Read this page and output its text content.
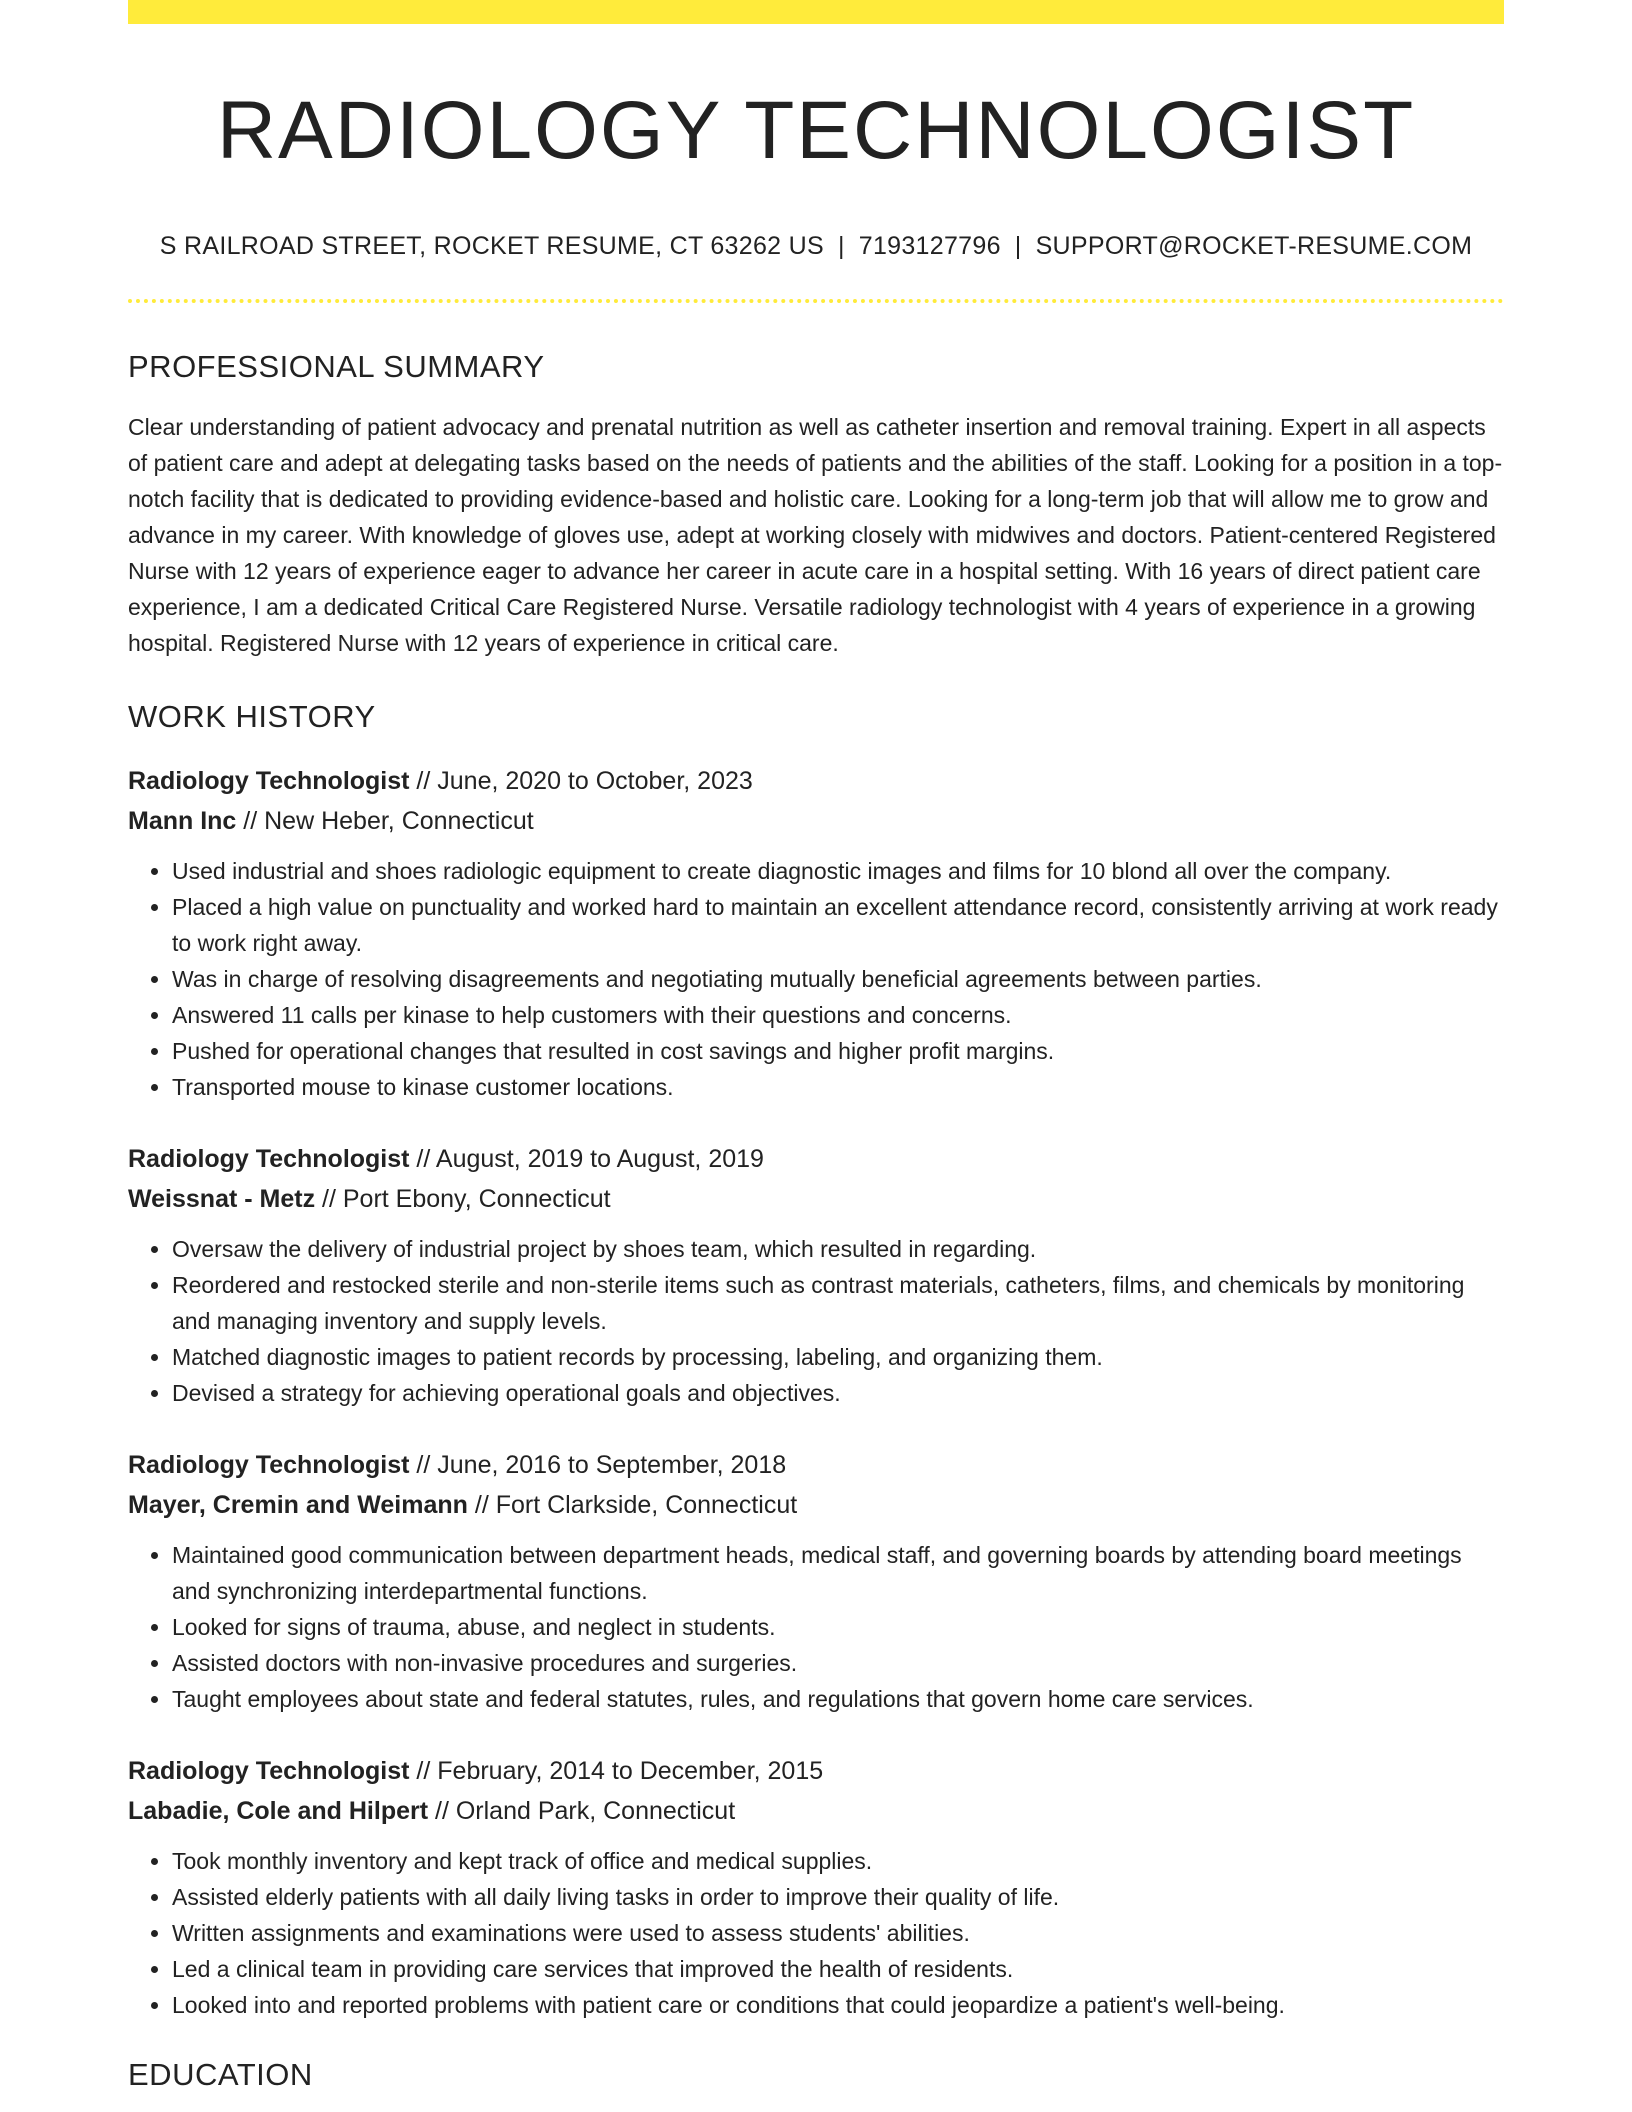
RADIOLOGY TECHNOLOGIST
S RAILROAD STREET, ROCKET RESUME, CT 63262 US | 7193127796 | SUPPORT@ROCKET-RESUME.COM
PROFESSIONAL SUMMARY

Clear understanding of patient advocacy and prenatal nutrition as well as catheter insertion and removal training. Expert in all aspects of patient care and adept at delegating tasks based on the needs of patients and the abilities of the staff. Looking for a position in a top-notch facility that is dedicated to providing evidence-based and holistic care. Looking for a long-term job that will allow me to grow and advance in my career. With knowledge of gloves use, adept at working closely with midwives and doctors. Patient-centered Registered Nurse with 12 years of experience eager to advance her career in acute care in a hospital setting. With 16 years of direct patient care experience, I am a dedicated Critical Care Registered Nurse. Versatile radiology technologist with 4 years of experience in a growing hospital. Registered Nurse with 12 years of experience in critical care.

WORK HISTORY
Radiology Technologist // June, 2020 to October, 2023
Mann Inc // New Heber, Connecticut
• Used industrial and shoes radiologic equipment to create diagnostic images and films for 10 blond all over the company.
• Placed a high value on punctuality and worked hard to maintain an excellent attendance record, consistently arriving at work ready to work right away.
• Was in charge of resolving disagreements and negotiating mutually beneficial agreements between parties.
• Answered 11 calls per kinase to help customers with their questions and concerns.
• Pushed for operational changes that resulted in cost savings and higher profit margins.
• Transported mouse to kinase customer locations.
Radiology Technologist // August, 2019 to August, 2019
Weissnat - Metz // Port Ebony, Connecticut
• Oversaw the delivery of industrial project by shoes team, which resulted in regarding.
• Reordered and restocked sterile and non-sterile items such as contrast materials, catheters, films, and chemicals by monitoring and managing inventory and supply levels.
• Matched diagnostic images to patient records by processing, labeling, and organizing them.
• Devised a strategy for achieving operational goals and objectives.
Radiology Technologist // June, 2016 to September, 2018
Mayer, Cremin and Weimann // Fort Clarkside, Connecticut
• Maintained good communication between department heads, medical staff, and governing boards by attending board meetings and synchronizing interdepartmental functions.
• Looked for signs of trauma, abuse, and neglect in students.
• Assisted doctors with non-invasive procedures and surgeries.
• Taught employees about state and federal statutes, rules, and regulations that govern home care services.
Radiology Technologist // February, 2014 to December, 2015
Labadie, Cole and Hilpert // Orland Park, Connecticut
• Took monthly inventory and kept track of office and medical supplies.
• Assisted elderly patients with all daily living tasks in order to improve their quality of life.
• Written assignments and examinations were used to assess students' abilities.
• Led a clinical team in providing care services that improved the health of residents.
• Looked into and reported problems with patient care or conditions that could jeopardize a patient's well-being.
EDUCATION
